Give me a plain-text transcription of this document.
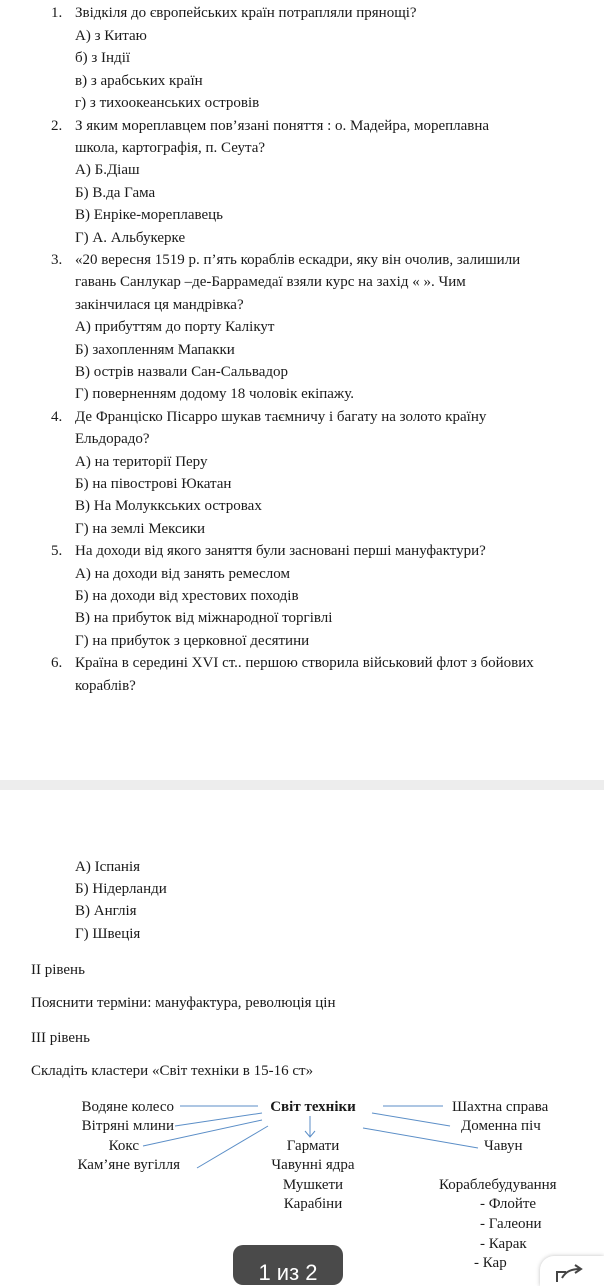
1. Звідкіля до європейських країн потрапляли прянощі?
А) з Китаю
б) з Індії
в) з арабських країн
г) з тихоокеанських островів
2. З яким мореплавцем пов’язані поняття : о. Мадейра, мореплавна
школа, картографія, п. Сеута?
А) Б.Діаш
Б) В.да Гама
В) Енріке-мореплавець
Г) А. Альбукерке
3. «20 вересня 1519 р. п’ять кораблів ескадри, яку він очолив, залишили
гавань Санлукар –де-Баррамедаї взяли курс на захід « ». Чим
закінчилася ця мандрівка?
А) прибуттям до порту Калікут
Б) захопленням Мапакки
В) острів назвали Сан-Сальвадор
Г) поверненням додому 18 чоловік екіпажу.
4. Де Франціско Пісарро шукав таємничу і багату на золото країну
Ельдорадо?
А) на території Перу
Б) на півострові Юкатан
В) На Молуккських островах
Г) на землі Мексики
5. На доходи від якого заняття були засновані перші мануфактури?
А) на доходи від занять ремеслом
Б) на доходи від хрестових походів
В) на прибуток від міжнародної торгівлі
Г) на прибуток з церковної десятини
6. Країна в середині XVI ст.. першою створила військовий флот з бойових
кораблів?
А) Іспанія
Б) Нідерланди
В) Англія
Г) Швеція
ІІ рівень
Пояснити терміни: мануфактура, революція цін
ІІІ рівень
Складіть кластери «Світ техніки в 15-16 ст»
Світ техніки
Водяне колесо
Вітряні млини
Кокс
Кам’яне вугілля
Шахтна справа
Доменна піч
Чавун
Гармати
Чавунні ядра
Мушкети
Карабіни
Кораблебудування
- Флойте
- Галеони
- Карак
- Кар
1 из 2
